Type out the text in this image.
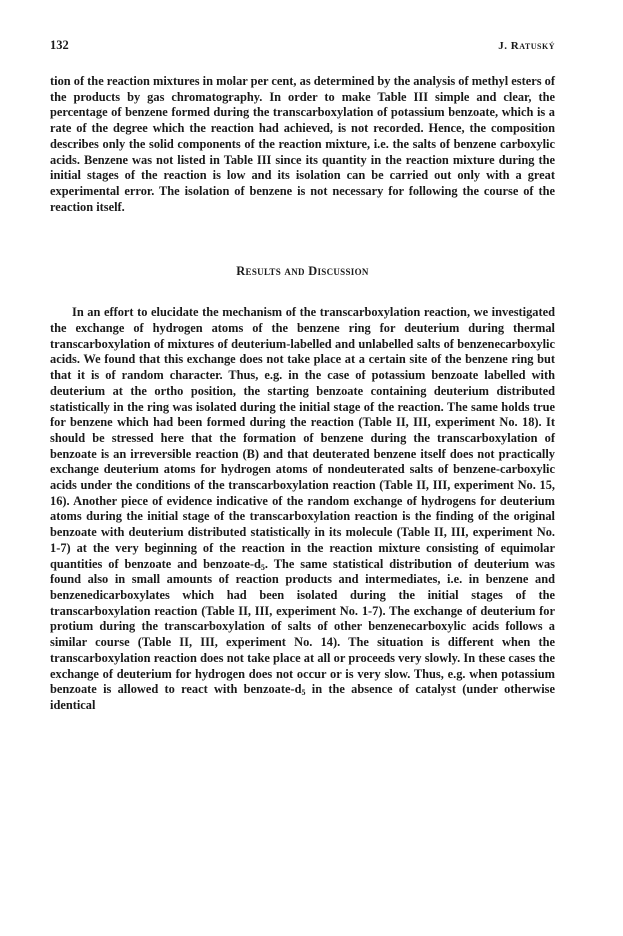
132	J. Ratuský

tion of the reaction mixtures in molar per cent, as determined by the analysis of methyl esters of the products by gas chromatography. In order to make Table III simple and clear, the percentage of benzene formed during the transcarboxylation of potassium benzoate, which is a rate of the degree which the reaction had achieved, is not recorded. Hence, the composition describes only the solid components of the reaction mixture, i.e. the salts of benzene carboxylic acids. Benzene was not listed in Table III since its quantity in the reaction mixture during the initial stages of the reaction is low and its isolation can be carried out only with a great experimental error. The isolation of benzene is not necessary for following the course of the reaction itself.

Results and Discussion

In an effort to elucidate the mechanism of the transcarboxylation reaction, we investigated the exchange of hydrogen atoms of the benzene ring for deuterium during thermal transcarboxylation of mixtures of deuterium-labelled and unlabelled salts of benzenecarboxylic acids. We found that this exchange does not take place at a certain site of the benzene ring but that it is of random character. Thus, e.g. in the case of potassium benzoate labelled with deuterium at the ortho position, the starting benzoate containing deuterium distributed statistically in the ring was isolated during the initial stage of the reaction. The same holds true for benzene which had been formed during the reaction (Table II, III, experiment No. 18). It should be stressed here that the formation of benzene during the transcarboxylation of benzoate is an irreversible reaction (B) and that deuterated benzene itself does not practically exchange deuterium atoms for hydrogen atoms of nondeuterated salts of benzene-carboxylic acids under the conditions of the transcarboxylation reaction (Table II, III, experiment No. 15, 16). Another piece of evidence indicative of the random exchange of hydrogens for deuterium atoms during the initial stage of the transcarboxylation reaction is the finding of the original benzoate with deuterium distributed statistically in its molecule (Table II, III, experiment No. 1-7) at the very beginning of the reaction in the reaction mixture consisting of equimolar quantities of benzoate and benzoate-$d_5$. The same statistical distribution of deuterium was found also in small amounts of reaction products and intermediates, i.e. in benzene and benzenedicarboxylates which had been isolated during the initial stages of the transcarboxylation reaction (Table II, III, experiment No. 1-7). The exchange of deuterium for protium during the transcarboxylation of salts of other benzenecarboxylic acids follows a similar course (Table II, III, experiment No. 14). The situation is different when the transcarboxylation reaction does not take place at all or proceeds very slowly. In these cases the exchange of deuterium for hydrogen does not occur or is very slow. Thus, e.g. when potassium benzoate is allowed to react with benzoate-$d_5$ in the absence of catalyst (under otherwise identical
